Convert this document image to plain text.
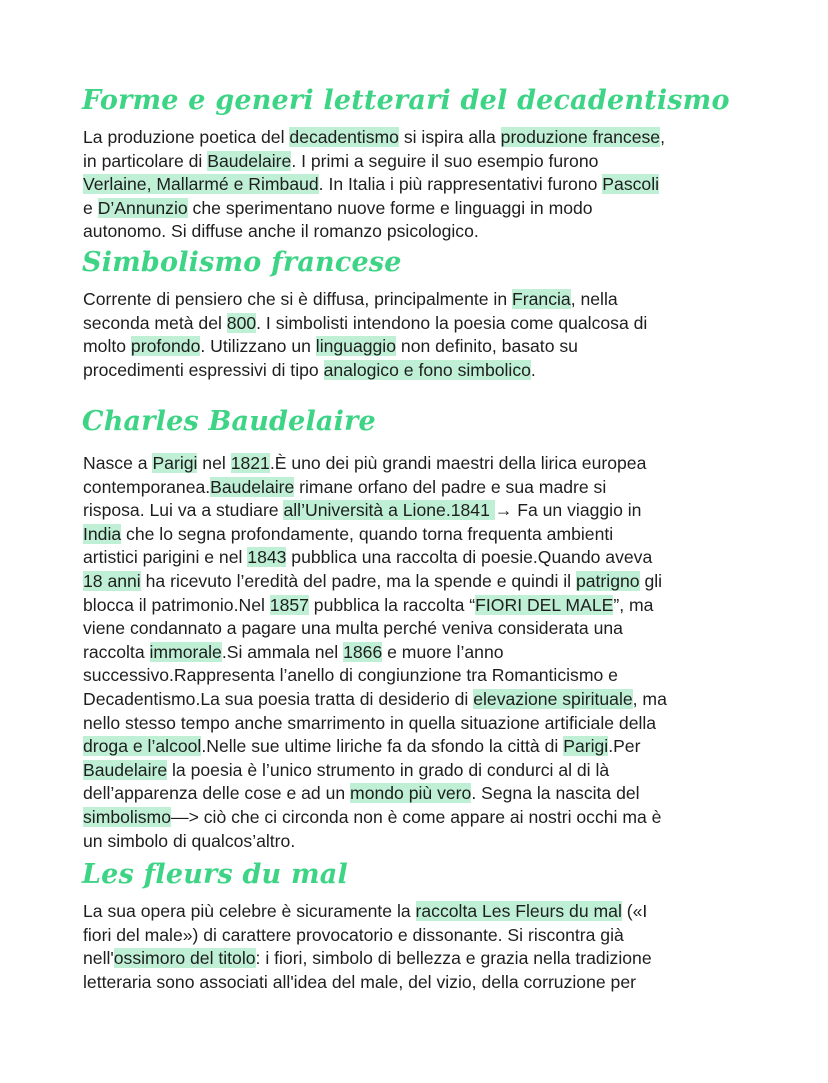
Forme e generi letterari del decadentismo
La produzione poetica del decadentismo si ispira alla produzione francese,
in particolare di Baudelaire. I primi a seguire il suo esempio furono
Verlaine, Mallarmé e Rimbaud. In Italia i più rappresentativi furono Pascoli
e D’Annunzio che sperimentano nuove forme e linguaggi in modo
autonomo. Si diffuse anche il romanzo psicologico.
Simbolismo francese
Corrente di pensiero che si è diffusa, principalmente in Francia, nella
seconda metà del 800. I simbolisti intendono la poesia come qualcosa di
molto profondo. Utilizzano un linguaggio non definito, basato su
procedimenti espressivi di tipo analogico e fono simbolico.
Charles Baudelaire
Nasce a Parigi nel 1821.È uno dei più grandi maestri della lirica europea
contemporanea.Baudelaire rimane orfano del padre e sua madre si
risposa. Lui va a studiare all’Università a Lione.1841 → Fa un viaggio in
India che lo segna profondamente, quando torna frequenta ambienti
artistici parigini e nel 1843 pubblica una raccolta di poesie.Quando aveva
18 anni ha ricevuto l’eredità del padre, ma la spende e quindi il patrigno gli
blocca il patrimonio.Nel 1857 pubblica la raccolta “FIORI DEL MALE”, ma
viene condannato a pagare una multa perché veniva considerata una
raccolta immorale.Si ammala nel 1866 e muore l’anno
successivo.Rappresenta l’anello di congiunzione tra Romanticismo e
Decadentismo.La sua poesia tratta di desiderio di elevazione spirituale, ma
nello stesso tempo anche smarrimento in quella situazione artificiale della
droga e l’alcool.Nelle sue ultime liriche fa da sfondo la città di Parigi.Per
Baudelaire la poesia è l’unico strumento in grado di condurci al di là
dell’apparenza delle cose e ad un mondo più vero. Segna la nascita del
simbolismo—> ciò che ci circonda non è come appare ai nostri occhi ma è
un simbolo di qualcos’altro.
Les fleurs du mal
La sua opera più celebre è sicuramente la raccolta Les Fleurs du mal («I
fiori del male») di carattere provocatorio e dissonante. Si riscontra già
nell'ossimoro del titolo: i fiori, simbolo di bellezza e grazia nella tradizione
letteraria sono associati all'idea del male, del vizio, della corruzione per
